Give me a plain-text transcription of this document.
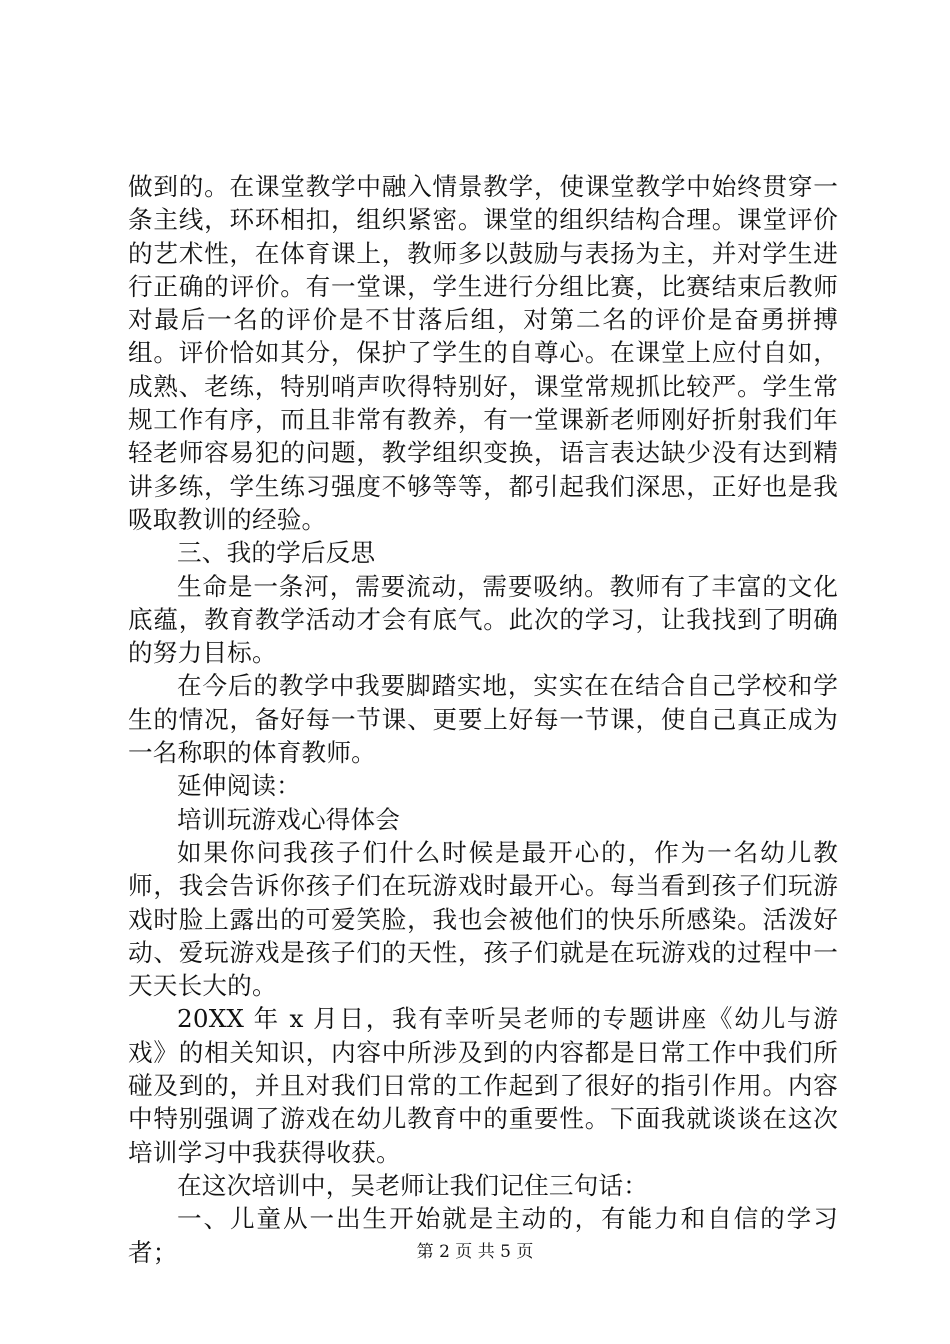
做到的。在课堂教学中融入情景教学，使课堂教学中始终贯穿一条主线，环环相扣，组织紧密。课堂的组织结构合理。课堂评价的艺术性，在体育课上，教师多以鼓励与表扬为主，并对学生进行正确的评价。有一堂课，学生进行分组比赛，比赛结束后教师对最后一名的评价是不甘落后组，对第二名的评价是奋勇拼搏组。评价恰如其分，保护了学生的自尊心。在课堂上应付自如，成熟、老练，特别哨声吹得特别好，课堂常规抓比较严。学生常规工作有序，而且非常有教养，有一堂课新老师刚好折射我们年轻老师容易犯的问题，教学组织变换，语言表达缺少没有达到精讲多练，学生练习强度不够等等，都引起我们深思，正好也是我吸取教训的经验。

三、我的学后反思

生命是一条河，需要流动，需要吸纳。教师有了丰富的文化底蕴，教育教学活动才会有底气。此次的学习，让我找到了明确的努力目标。

在今后的教学中我要脚踏实地，实实在在结合自己学校和学生的情况，备好每一节课、更要上好每一节课，使自己真正成为一名称职的体育教师。

延伸阅读：

培训玩游戏心得体会

如果你问我孩子们什么时候是最开心的，作为一名幼儿教师，我会告诉你孩子们在玩游戏时最开心。每当看到孩子们玩游戏时脸上露出的可爱笑脸，我也会被他们的快乐所感染。活泼好动、爱玩游戏是孩子们的天性，孩子们就是在玩游戏的过程中一天天长大的。

20XX 年 x 月日，我有幸听吴老师的专题讲座《幼儿与游戏》的相关知识，内容中所涉及到的内容都是日常工作中我们所碰及到的，并且对我们日常的工作起到了很好的指引作用。内容中特别强调了游戏在幼儿教育中的重要性。下面我就谈谈在这次培训学习中我获得收获。

在这次培训中，吴老师让我们记住三句话：

一、儿童从一出生开始就是主动的，有能力和自信的学习者；	第 2 页 共 5 页
